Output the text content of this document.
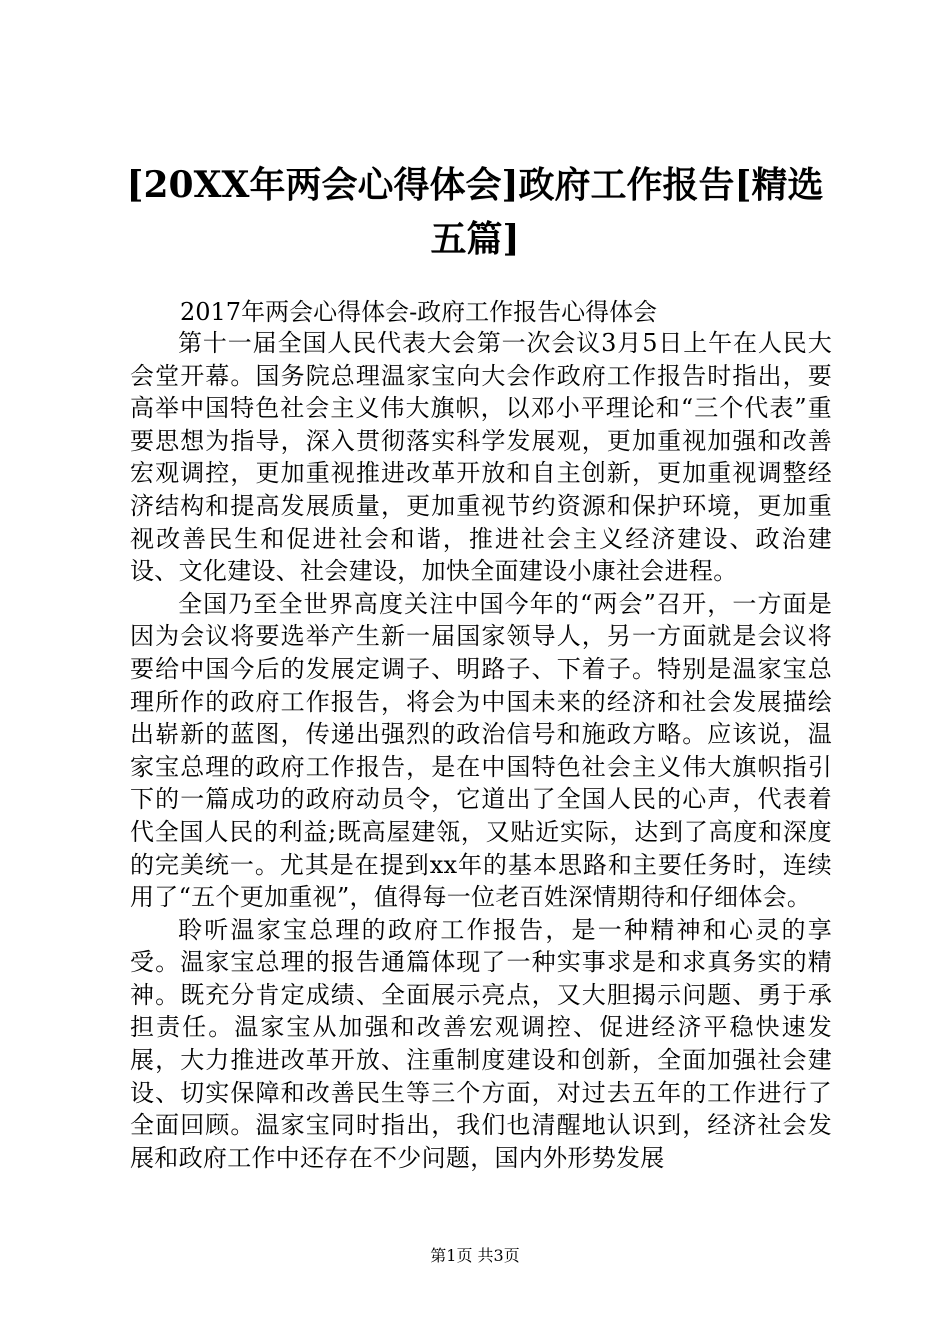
[20XX年两会心得体会]政府工作报告[精选五篇]
2017年两会心得体会-政府工作报告心得体会

第十一届全国人民代表大会第一次会议3月5日上午在人民大会堂开幕。国务院总理温家宝向大会作政府工作报告时指出，要高举中国特色社会主义伟大旗帜，以邓小平理论和“三个代表”重要思想为指导，深入贯彻落实科学发展观，更加重视加强和改善宏观调控，更加重视推进改革开放和自主创新，更加重视调整经济结构和提高发展质量，更加重视节约资源和保护环境，更加重视改善民生和促进社会和谐，推进社会主义经济建设、政治建设、文化建设、社会建设，加快全面建设小康社会进程。

全国乃至全世界高度关注中国今年的“两会”召开，一方面是因为会议将要选举产生新一届国家领导人，另一方面就是会议将要给中国今后的发展定调子、明路子、下着子。特别是温家宝总理所作的政府工作报告，将会为中国未来的经济和社会发展描绘出崭新的蓝图，传递出强烈的政治信号和施政方略。应该说，温家宝总理的政府工作报告，是在中国特色社会主义伟大旗帜指引下的一篇成功的政府动员令，它道出了全国人民的心声，代表着代全国人民的利益;既高屋建瓴，又贴近实际，达到了高度和深度的完美统一。尤其是在提到xx年的基本思路和主要任务时，连续用了“五个更加重视”，值得每一位老百姓深情期待和仔细体会。

聆听温家宝总理的政府工作报告，是一种精神和心灵的享受。温家宝总理的报告通篇体现了一种实事求是和求真务实的精神。既充分肯定成绩、全面展示亮点，又大胆揭示问题、勇于承担责任。温家宝从加强和改善宏观调控、促进经济平稳快速发展，大力推进改革开放、注重制度建设和创新，全面加强社会建设、切实保障和改善民生等三个方面，对过去五年的工作进行了全面回顾。温家宝同时指出，我们也清醒地认识到，经济社会发展和政府工作中还存在不少问题，国内外形势发展

第1页 共3页
